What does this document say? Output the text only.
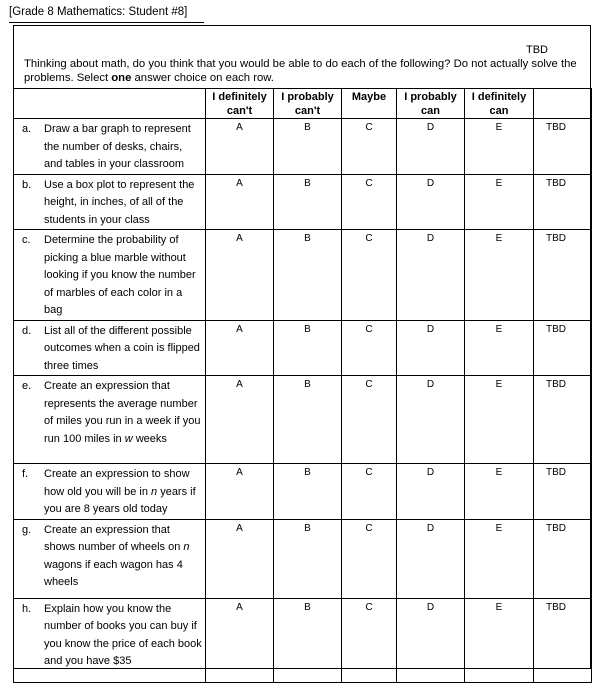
[Grade 8 Mathematics: Student #8]
TBD
Thinking about math, do you think that you would be able to do each of the following? Do not actually solve the problems. Select one answer choice on each row.
	I definitely can't	I probably can't	Maybe	I probably can	I definitely can	
a. Draw a bar graph to represent the number of desks, chairs, and tables in your classroom	A	B	C	D	E	TBD
b. Use a box plot to represent the height, in inches, of all of the students in your class	A	B	C	D	E	TBD
c. Determine the probability of picking a blue marble without looking if you know the number of marbles of each color in a bag	A	B	C	D	E	TBD
d. List all of the different possible outcomes when a coin is flipped three times	A	B	C	D	E	TBD
e. Create an expression that represents the average number of miles you run in a week if you run 100 miles in w weeks	A	B	C	D	E	TBD
f. Create an expression to show how old you will be in n years if you are 8 years old today	A	B	C	D	E	TBD
g. Create an expression that shows number of wheels on n wagons if each wagon has 4 wheels	A	B	C	D	E	TBD
h. Explain how you know the number of books you can buy if you know the price of each book and you have $35	A	B	C	D	E	TBD
